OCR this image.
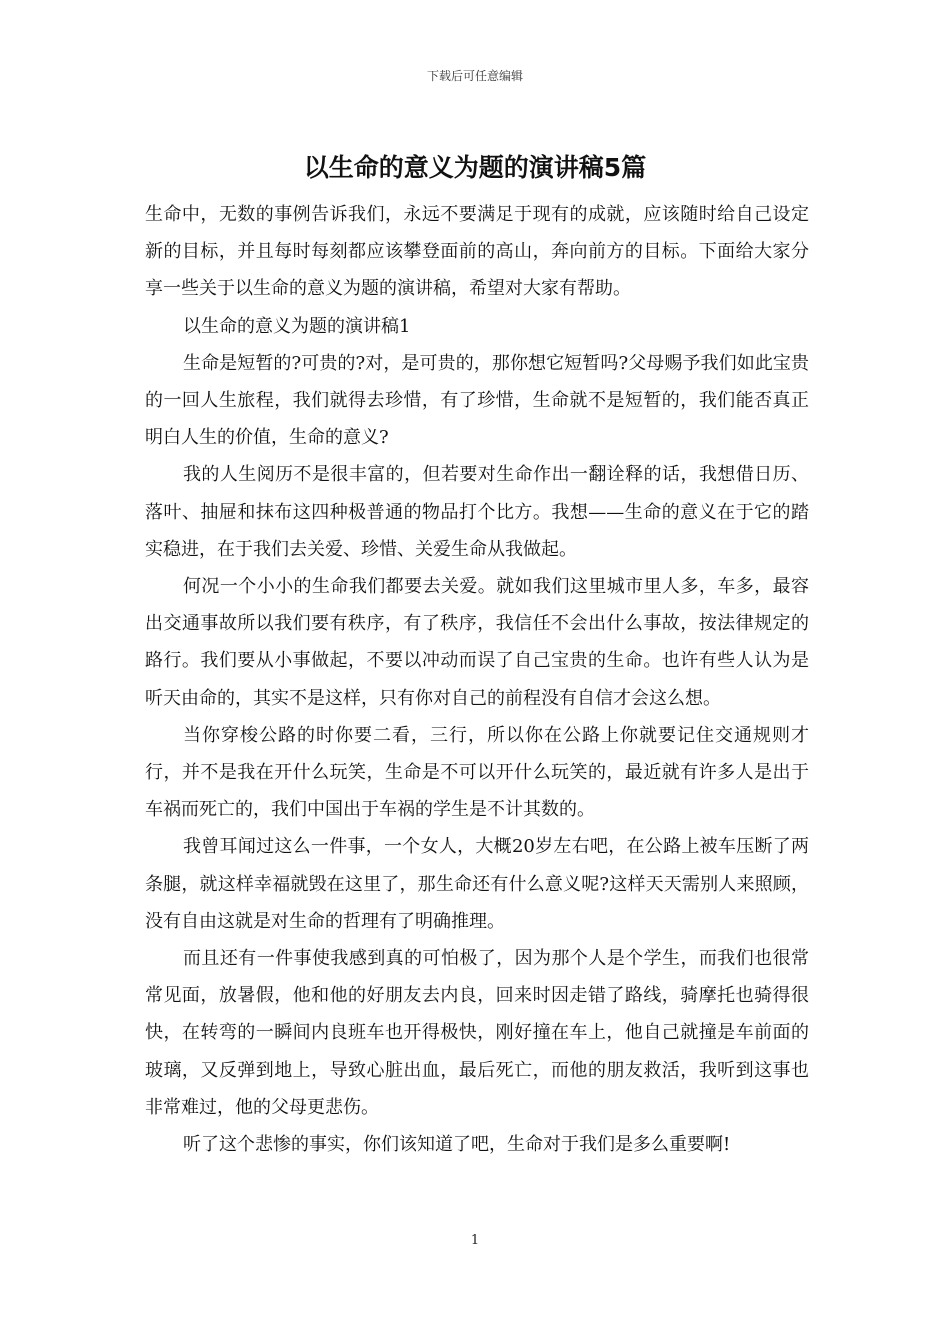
下载后可任意编辑
以生命的意义为题的演讲稿5篇

生命中，无数的事例告诉我们，永远不要满足于现有的成就，应该随时给自己设定新的目标，并且每时每刻都应该攀登面前的高山，奔向前方的目标。下面给大家分享一些关于以生命的意义为题的演讲稿，希望对大家有帮助。

以生命的意义为题的演讲稿1

生命是短暂的?可贵的?对，是可贵的，那你想它短暂吗?父母赐予我们如此宝贵的一回人生旅程，我们就得去珍惜，有了珍惜，生命就不是短暂的，我们能否真正明白人生的价值，生命的意义?

我的人生阅历不是很丰富的，但若要对生命作出一翻诠释的话，我想借日历、落叶、抽屉和抹布这四种极普通的物品打个比方。我想——生命的意义在于它的踏实稳进，在于我们去关爱、珍惜、关爱生命从我做起。

何况一个小小的生命我们都要去关爱。就如我们这里城市里人多，车多，最容出交通事故所以我们要有秩序，有了秩序，我信任不会出什么事故，按法律规定的路行。我们要从小事做起，不要以冲动而误了自己宝贵的生命。也许有些人认为是听天由命的，其实不是这样，只有你对自己的前程没有自信才会这么想。

当你穿梭公路的时你要二看，三行，所以你在公路上你就要记住交通规则才行，并不是我在开什么玩笑，生命是不可以开什么玩笑的，最近就有许多人是出于车祸而死亡的，我们中国出于车祸的学生是不计其数的。

我曾耳闻过这么一件事，一个女人，大概20岁左右吧，在公路上被车压断了两条腿，就这样幸福就毁在这里了，那生命还有什么意义呢?这样天天需别人来照顾，没有自由这就是对生命的哲理有了明确推理。

而且还有一件事使我感到真的可怕极了，因为那个人是个学生，而我们也很常常见面，放暑假，他和他的好朋友去内良，回来时因走错了路线，骑摩托也骑得很快，在转弯的一瞬间内良班车也开得极快，刚好撞在车上，他自己就撞是车前面的玻璃，又反弹到地上，导致心脏出血，最后死亡，而他的朋友救活，我听到这事也非常难过，他的父母更悲伤。

听了这个悲惨的事实，你们该知道了吧，生命对于我们是多么重要啊!

1
